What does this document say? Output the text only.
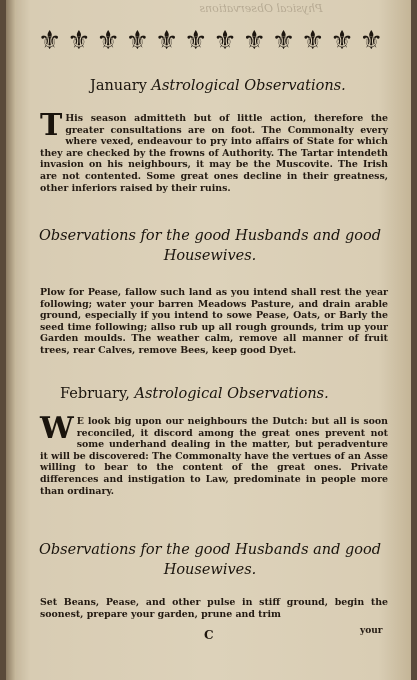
Physical Observations
⚜ ⚜ ⚜ ⚜ ⚜ ⚜ ⚜ ⚜ ⚜ ⚜ ⚜ ⚜
January Astrological Observations.
T His season admitteth but of little action, therefore the greater consultations are on foot. The Commonalty every where vexed, endeavour to pry into affairs of State for which they are checked by the frowns of Authority. The Tartar intendeth invasion on his neighbours, it may be the Muscovite. The Irish are not contented. Some great ones decline in their greatness, other inferiors raised by their ruins.
Observations for the good Husbands and good
Housewives.
Plow for Pease, fallow such land as you intend shall rest the year following; water your barren Meadows Pasture, and drain arable ground, especially if you intend to sowe Pease, Oats, or Barly the seed time following; allso rub up all rough grounds, trim up your Garden moulds. The weather calm, remove all manner of fruit trees, rear Calves, remove Bees, keep good Dyet.
February, Astrological Observations.
W E look big upon our neighbours the Dutch: but all is soon reconciled, it discord among the great ones prevent not some underhand dealing in the matter, but peradventure it will be discovered: The Commonalty have the vertues of an Asse willing to bear to the content of the great ones. Private differences and instigation to Law, predominate in people more than ordinary.
Observations for the good Husbands and good
Housewives.
Set Beans, Pease, and other pulse in stiff ground, begin the soonest, prepare your garden, prune and trim
C	your
